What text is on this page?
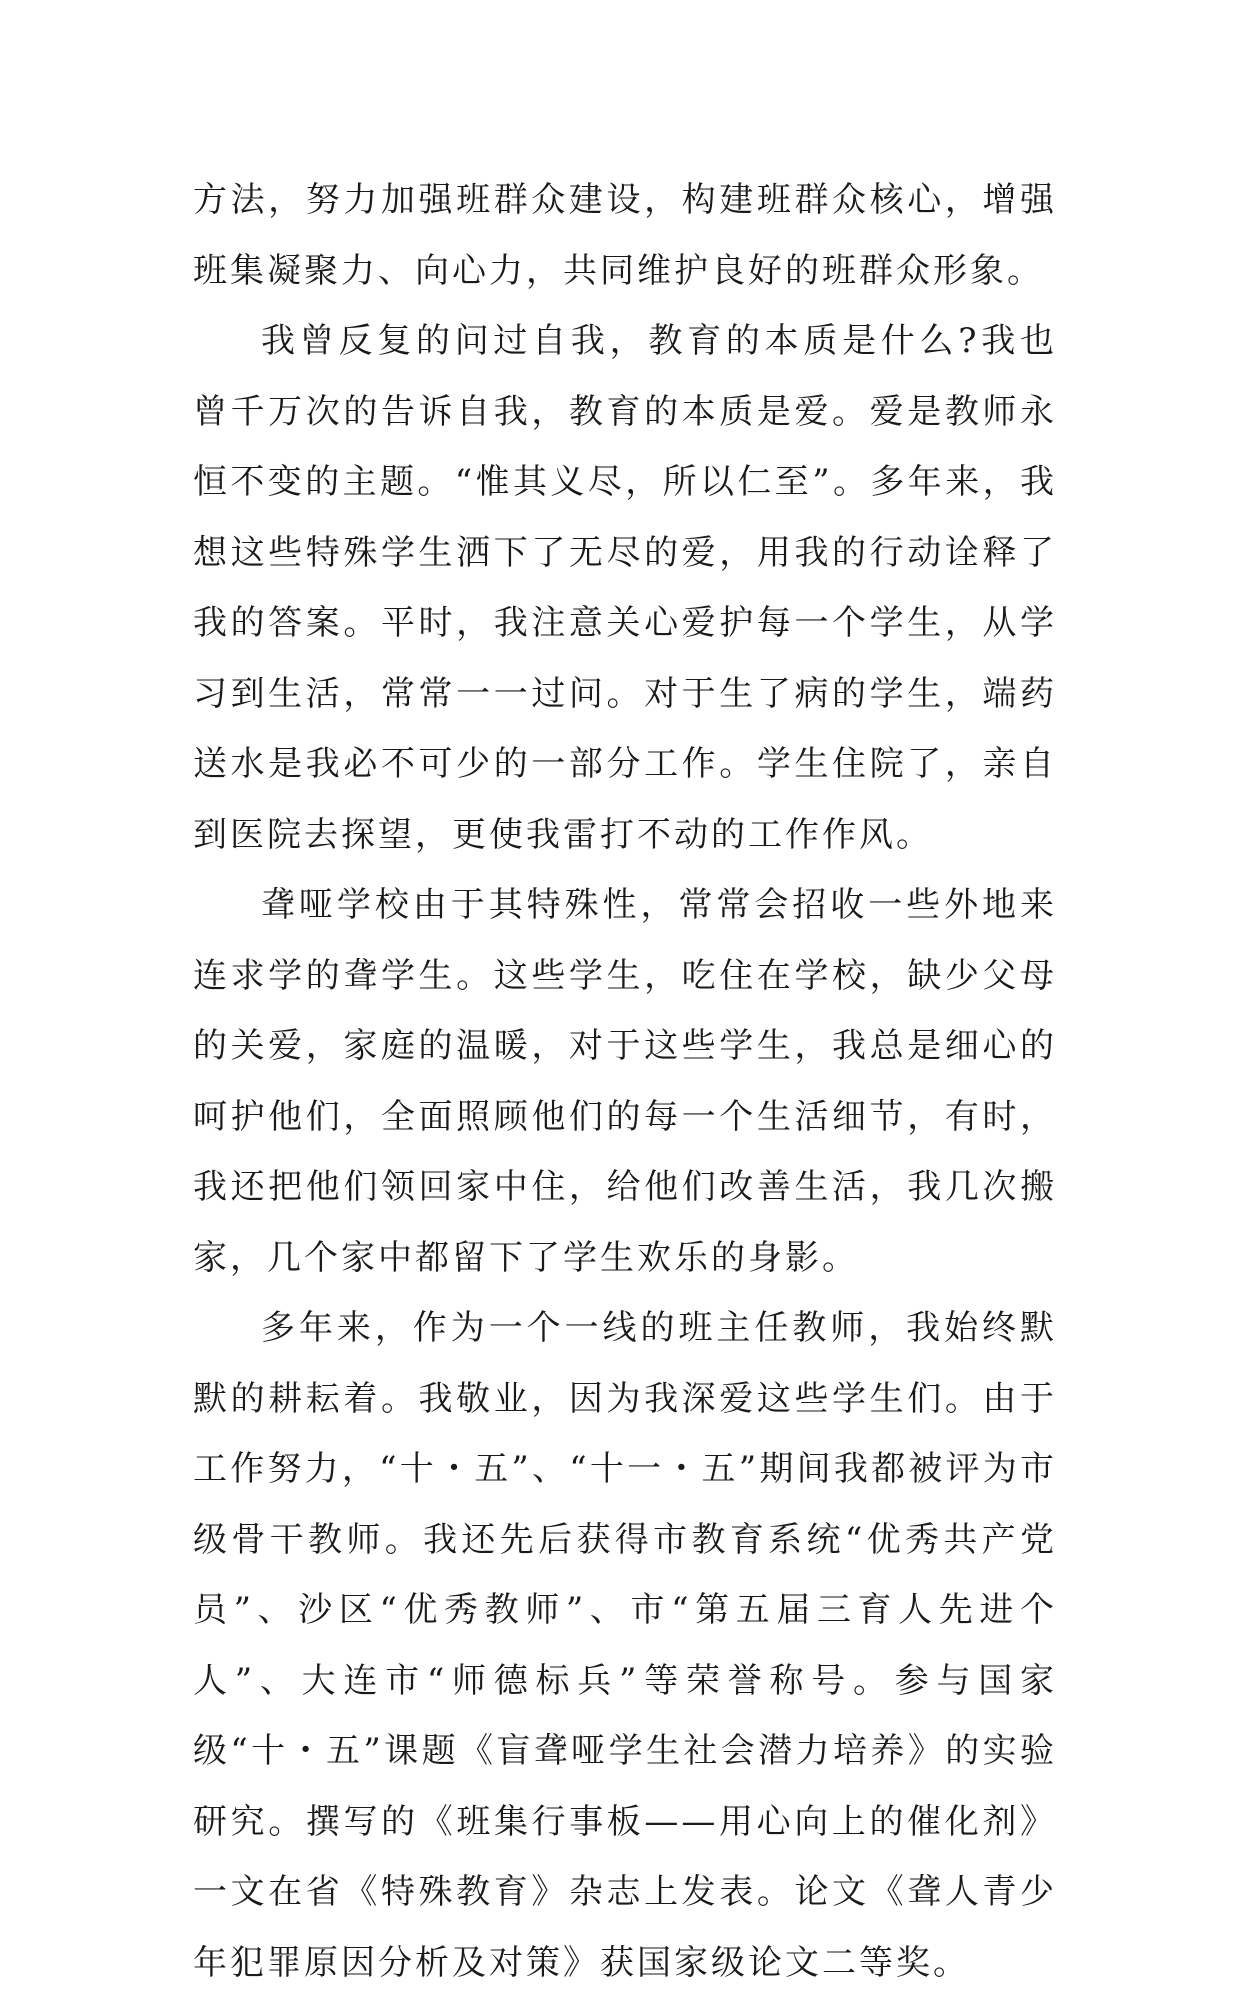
方法，努力加强班群众建设，构建班群众核心，增强班集凝聚力、向心力，共同维护良好的班群众形象。

我曾反复的问过自我，教育的本质是什么?我也曾千万次的告诉自我，教育的本质是爱。爱是教师永恒不变的主题。“惟其义尽，所以仁至”。多年来，我想这些特殊学生洒下了无尽的爱，用我的行动诠释了我的答案。平时，我注意关心爱护每一个学生，从学习到生活，常常一一过问。对于生了病的学生，端药送水是我必不可少的一部分工作。学生住院了，亲自到医院去探望，更使我雷打不动的工作作风。

聋哑学校由于其特殊性，常常会招收一些外地来连求学的聋学生。这些学生，吃住在学校，缺少父母的关爱，家庭的温暖，对于这些学生，我总是细心的呵护他们，全面照顾他们的每一个生活细节，有时，我还把他们领回家中住，给他们改善生活，我几次搬家，几个家中都留下了学生欢乐的身影。

多年来，作为一个一线的班主任教师，我始终默默的耕耘着。我敬业，因为我深爱这些学生们。由于工作努力，“十・五”、“十一・五”期间我都被评为市级骨干教师。我还先后获得市教育系统“优秀共产党员”、沙区“优秀教师”、市“第五届三育人先进个人”、大连市“师德标兵”等荣誉称号。参与国家级“十・五”课题《盲聋哑学生社会潜力培养》的实验研究。撰写的《班集行事板——用心向上的催化剂》一文在省《特殊教育》杂志上发表。论文《聋人青少年犯罪原因分析及对策》获国家级论文二等奖。
